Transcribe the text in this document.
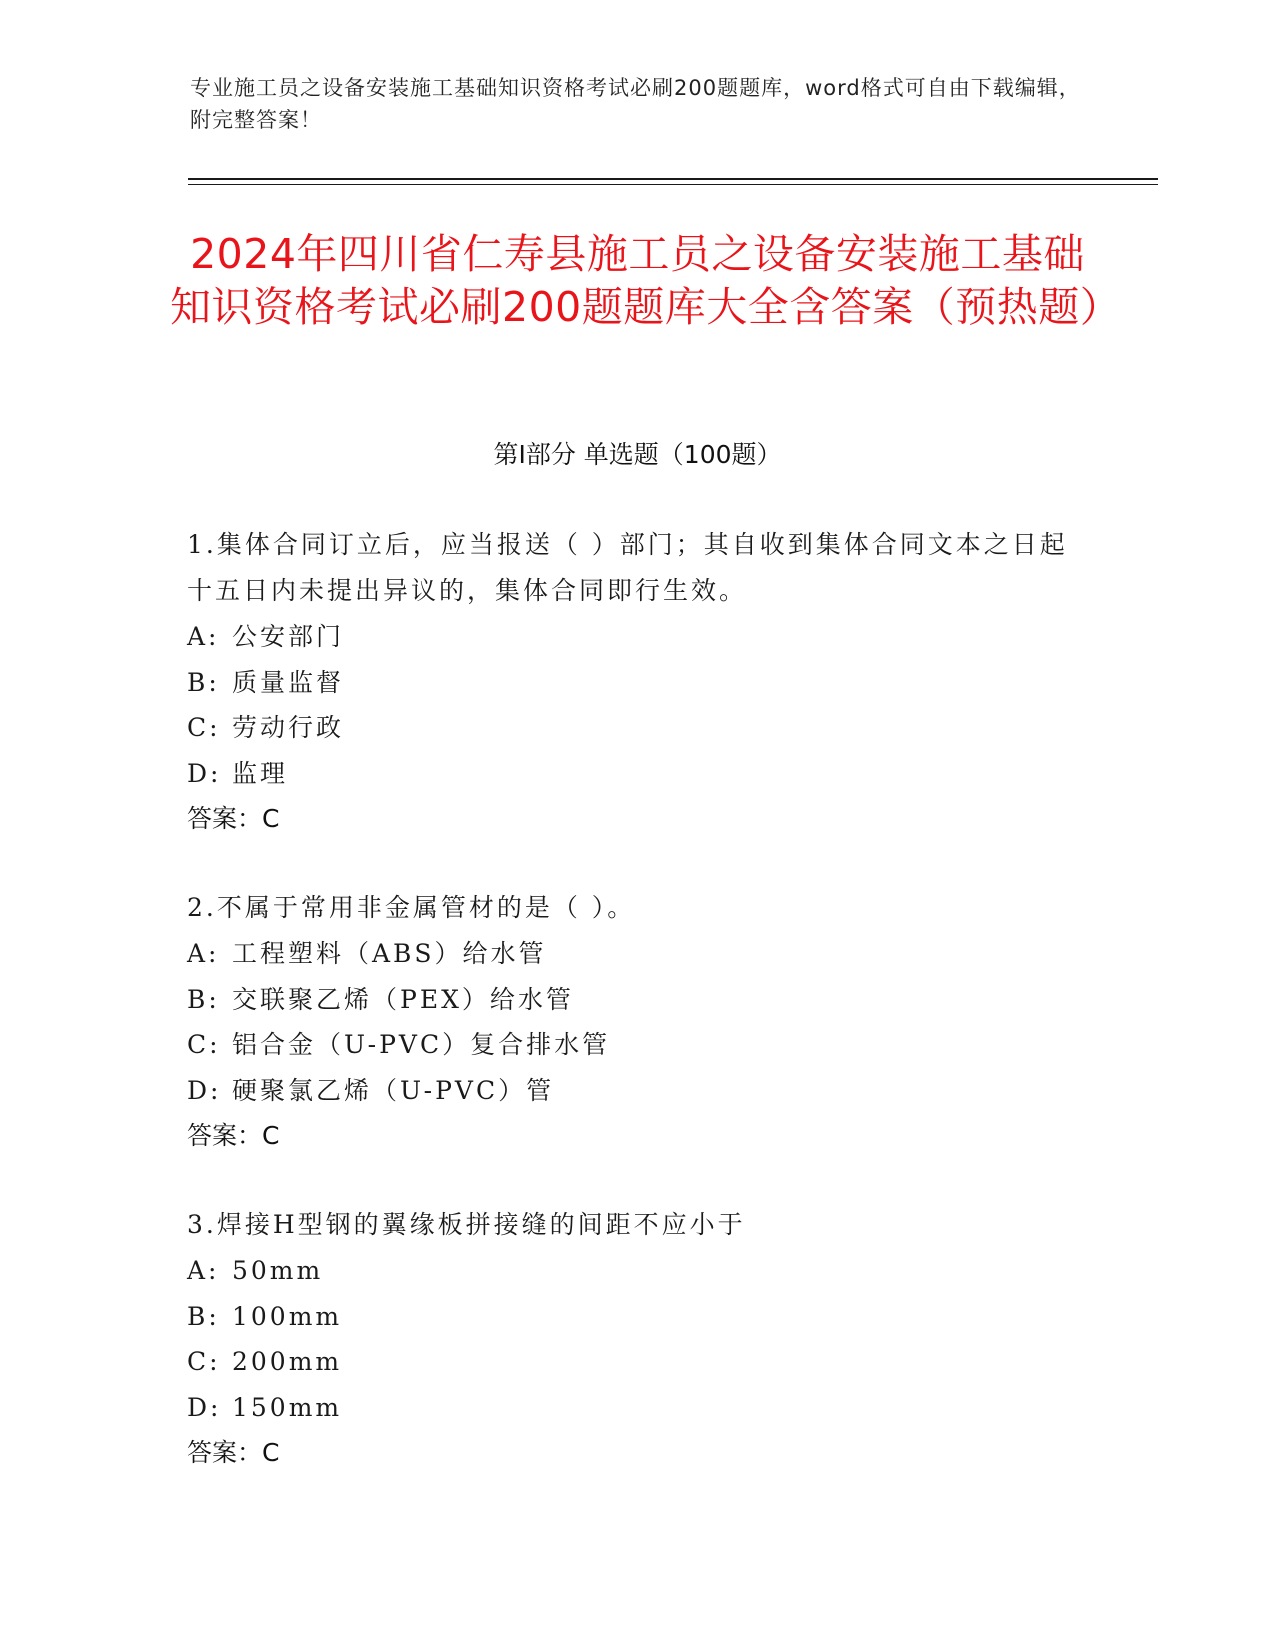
专业施工员之设备安装施工基础知识资格考试必刷200题题库，word格式可自由下载编辑，附完整答案！
2024年四川省仁寿县施工员之设备安装施工基础知识资格考试必刷200题题库大全含答案（预热题）
第Ⅰ部分 单选题（100题）
1.集体合同订立后，应当报送（ ）部门；其自收到集体合同文本之日起十五日内未提出异议的，集体合同即行生效。
A: 公安部门
B: 质量监督
C: 劳动行政
D: 监理
答案：C
2.不属于常用非金属管材的是（ ）。
A: 工程塑料（ABS）给水管
B: 交联聚乙烯（PEX）给水管
C: 铝合金（U-PVC）复合排水管
D: 硬聚氯乙烯（U-PVC）管
答案：C
3.焊接H型钢的翼缘板拼接缝的间距不应小于
A: 50mm
B: 100mm
C: 200mm
D: 150mm
答案：C
